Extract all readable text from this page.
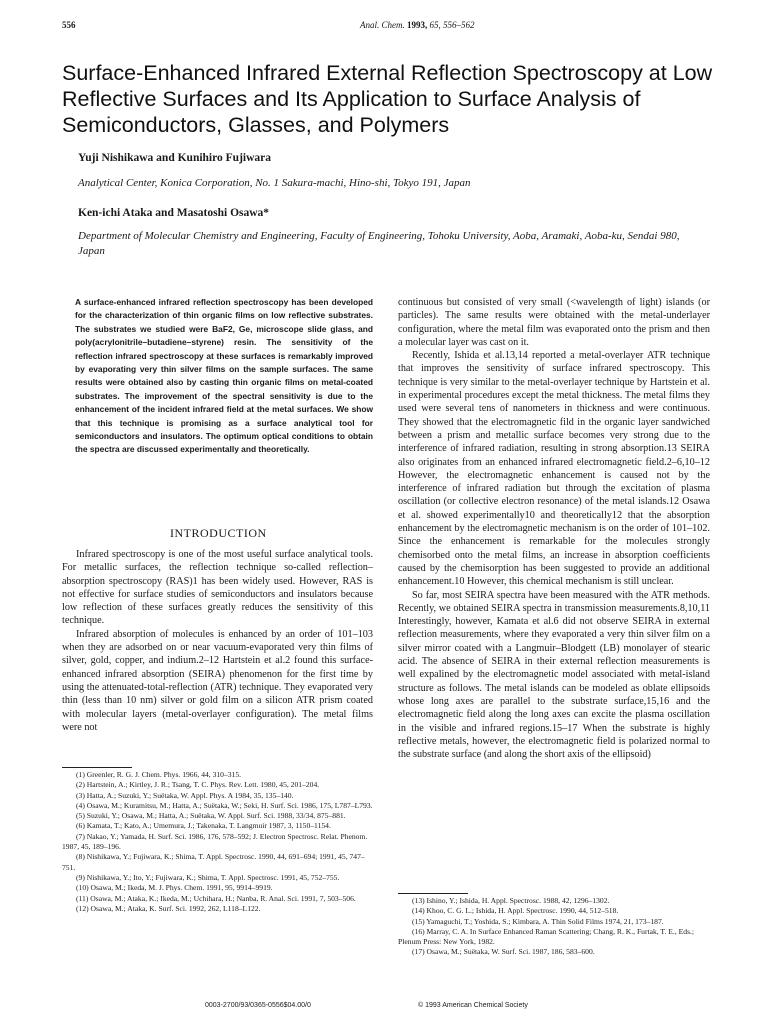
556	Anal. Chem. 1993, 65, 556–562
Surface-Enhanced Infrared External Reflection Spectroscopy at Low Reflective Surfaces and Its Application to Surface Analysis of Semiconductors, Glasses, and Polymers

Yuji Nishikawa and Kunihiro Fujiwara

Analytical Center, Konica Corporation, No. 1 Sakura-machi, Hino-shi, Tokyo 191, Japan

Ken-ichi Ataka and Masatoshi Osawa*

Department of Molecular Chemistry and Engineering, Faculty of Engineering, Tohoku University, Aoba, Aramaki, Aoba-ku, Sendai 980, Japan

A surface-enhanced infrared reflection spectroscopy has been developed for the characterization of thin organic films on low reflective substrates. The substrates we studied were BaF2, Ge, microscope slide glass, and poly(acrylonitrile–butadiene–styrene) resin. The sensitivity of the reflection infrared spectroscopy at these surfaces is remarkably improved by evaporating very thin silver films on the sample surfaces. The same results were obtained also by casting thin organic films on metal-coated substrates. The improvement of the spectral sensitivity is due to the enhancement of the incident infrared field at the metal surfaces. We show that this technique is promising as a surface analytical tool for semiconductors and insulators. The optimum optical conditions to obtain the spectra are discussed experimentally and theoretically.

INTRODUCTION

Infrared spectroscopy is one of the most useful surface analytical tools. For metallic surfaces, the reflection technique so-called reflection–absorption spectroscopy (RAS)1 has been widely used. However, RAS is not effective for surface studies of semiconductors and insulators because low reflection of these surfaces greatly reduces the sensitivity of this technique.

Infrared absorption of molecules is enhanced by an order of 101–103 when they are adsorbed on or near vacuum-evaporated very thin films of silver, gold, copper, and indium.2–12 Hartstein et al.2 found this surface-enhanced infrared absorption (SEIRA) phenomenon for the first time by using the attenuated-total-reflection (ATR) technique. They evaporated very thin (less than 10 nm) silver or gold film on a silicon ATR prism coated with molecular layers (metal-overlayer configuration). The metal films were not

(1) Greenler, R. G. J. Chem. Phys. 1966, 44, 310–315.
(2) Hartstein, A.; Kirtley, J. R.; Tsang, T. C. Phys. Rev. Lett. 1980, 45, 201–204.
(3) Hatta, A.; Suzuki, Y.; Suëtaka, W. Appl. Phys. A 1984, 35, 135–140.
(4) Osawa, M.; Kuramitsu, M.; Hatta, A.; Suëtaka, W.; Seki, H. Surf. Sci. 1986, 175, L787–L793.
(5) Suzuki, Y.; Osawa, M.; Hatta, A.; Suëtaka, W. Appl. Surf. Sci. 1988, 33/34, 875–881.
(6) Kamata, T.; Kato, A.; Umemura, J.; Takenaka, T. Langmuir 1987, 3, 1150–1154.
(7) Nakao, Y.; Yamada, H. Surf. Sci. 1986, 176, 578–592; J. Electron Spectrosc. Relat. Phenom. 1987, 45, 189–196.
(8) Nishikawa, Y.; Fujiwara, K.; Shima, T. Appl. Spectrosc. 1990, 44, 691–694; 1991, 45, 747–751.
(9) Nishikawa, Y.; Ito, Y.; Fujiwara, K.; Shima, T. Appl. Spectrosc. 1991, 45, 752–755.
(10) Osawa, M.; Ikeda, M. J. Phys. Chem. 1991, 95, 9914–9919.
(11) Osawa, M.; Ataka, K.; Ikeda, M.; Uchihara, H.; Nanba, R. Anal. Sci. 1991, 7, 503–506.
(12) Osawa, M.; Ataka, K. Surf. Sci. 1992, 262, L118–L122.

continuous but consisted of very small (<wavelength of light) islands (or particles). The same results were obtained with the metal-underlayer configuration, where the metal film was evaporated onto the prism and then a molecular layer was cast on it.

Recently, Ishida et al.13,14 reported a metal-overlayer ATR technique that improves the sensitivity of surface infrared spectroscopy. This technique is very similar to the metal-overlayer technique by Hartstein et al. in experimental procedures except the metal thickness. The metal films they used were several tens of nanometers in thickness and were continuous. They showed that the electromagnetic fild in the organic layer sandwiched between a prism and metallic surface becomes very strong due to the interference of infrared radiation, resulting in strong absorption.13 SEIRA also originates from an enhanced infrared electromagnetic field.2–6,10–12 However, the electromagnetic enhancement is caused not by the interference of infrared radiation but through the excitation of plasma oscillation (or collective electron resonance) of the metal islands.12 Osawa et al. showed experimentally10 and theoretically12 that the absorption enhancement by the electromagnetic mechanism is on the order of 101–102. Since the enhancement is remarkable for the molecules strongly chemisorbed onto the metal films, an increase in absorption coefficients caused by the chemisorption has been suggested to provide an additional enhancement.10 However, this chemical mechanism is still unclear.

So far, most SEIRA spectra have been measured with the ATR methods. Recently, we obtained SEIRA spectra in transmission measurements.8,10,11 Interestingly, however, Kamata et al.6 did not observe SEIRA in external reflection measurements, where they evaporated a very thin silver film on a silver mirror coated with a Langmuir–Blodgett (LB) monolayer of stearic acid. The absence of SEIRA in their external reflection measurements is well expalined by the electromagnetic model associated with metal-island structure as follows. The metal islands can be modeled as oblate ellipsoids whose long axes are parallel to the substrate surface,15,16 and the electromagnetic field along the long axes can excite the plasma oscillation in the visible and infrared regions.15–17 When the substrate is highly reflective metals, however, the electromagnetic field is polarized normal to the substrate surface (and along the short axis of the ellipsoid)

(13) Ishino, Y.; Ishida, H. Appl. Spectrosc. 1988, 42, 1296–1302.
(14) Khoo, C. G. L.; Ishida, H. Appl. Spectrosc. 1990, 44, 512–518.
(15) Yamaguchi, T.; Yoshida, S.; Kimbara, A. Thin Solid Films 1974, 21, 173–187.
(16) Marray, C. A. In Surface Enhanced Raman Scattering; Chang, R. K., Furtak, T. E., Eds.; Plenum Press: New York, 1982.
(17) Osawa, M.; Suëtaka, W. Surf. Sci. 1987, 186, 583–600.
0003-2700/93/0365-0556$04.00/0	© 1993 American Chemical Society
